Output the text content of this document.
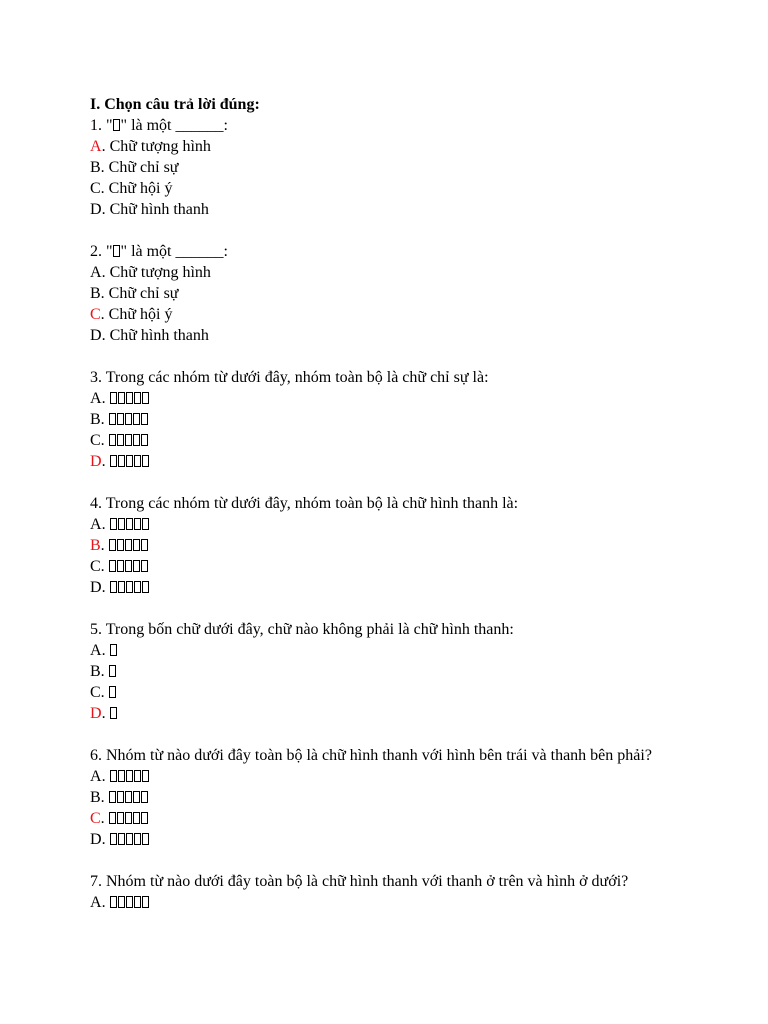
I. Chọn câu trả lời đúng:
1. " " là một ______:
A. Chữ tượng hình
B. Chữ chỉ sự
C. Chữ hội ý
D. Chữ hình thanh
2. " " là một ______:
A. Chữ tượng hình
B. Chữ chỉ sự
C. Chữ hội ý
D. Chữ hình thanh
3. Trong các nhóm từ dưới đây, nhóm toàn bộ là chữ chỉ sự là:
A.
B.
C.
D.
4. Trong các nhóm từ dưới đây, nhóm toàn bộ là chữ hình thanh là:
A.
B.
C.
D.
5. Trong bốn chữ dưới đây, chữ nào không phải là chữ hình thanh:
A.
B.
C.
D.
6. Nhóm từ nào dưới đây toàn bộ là chữ hình thanh với hình bên trái và thanh bên phải?
A.
B.
C.
D.
7. Nhóm từ nào dưới đây toàn bộ là chữ hình thanh với thanh ở trên và hình ở dưới?
A.
